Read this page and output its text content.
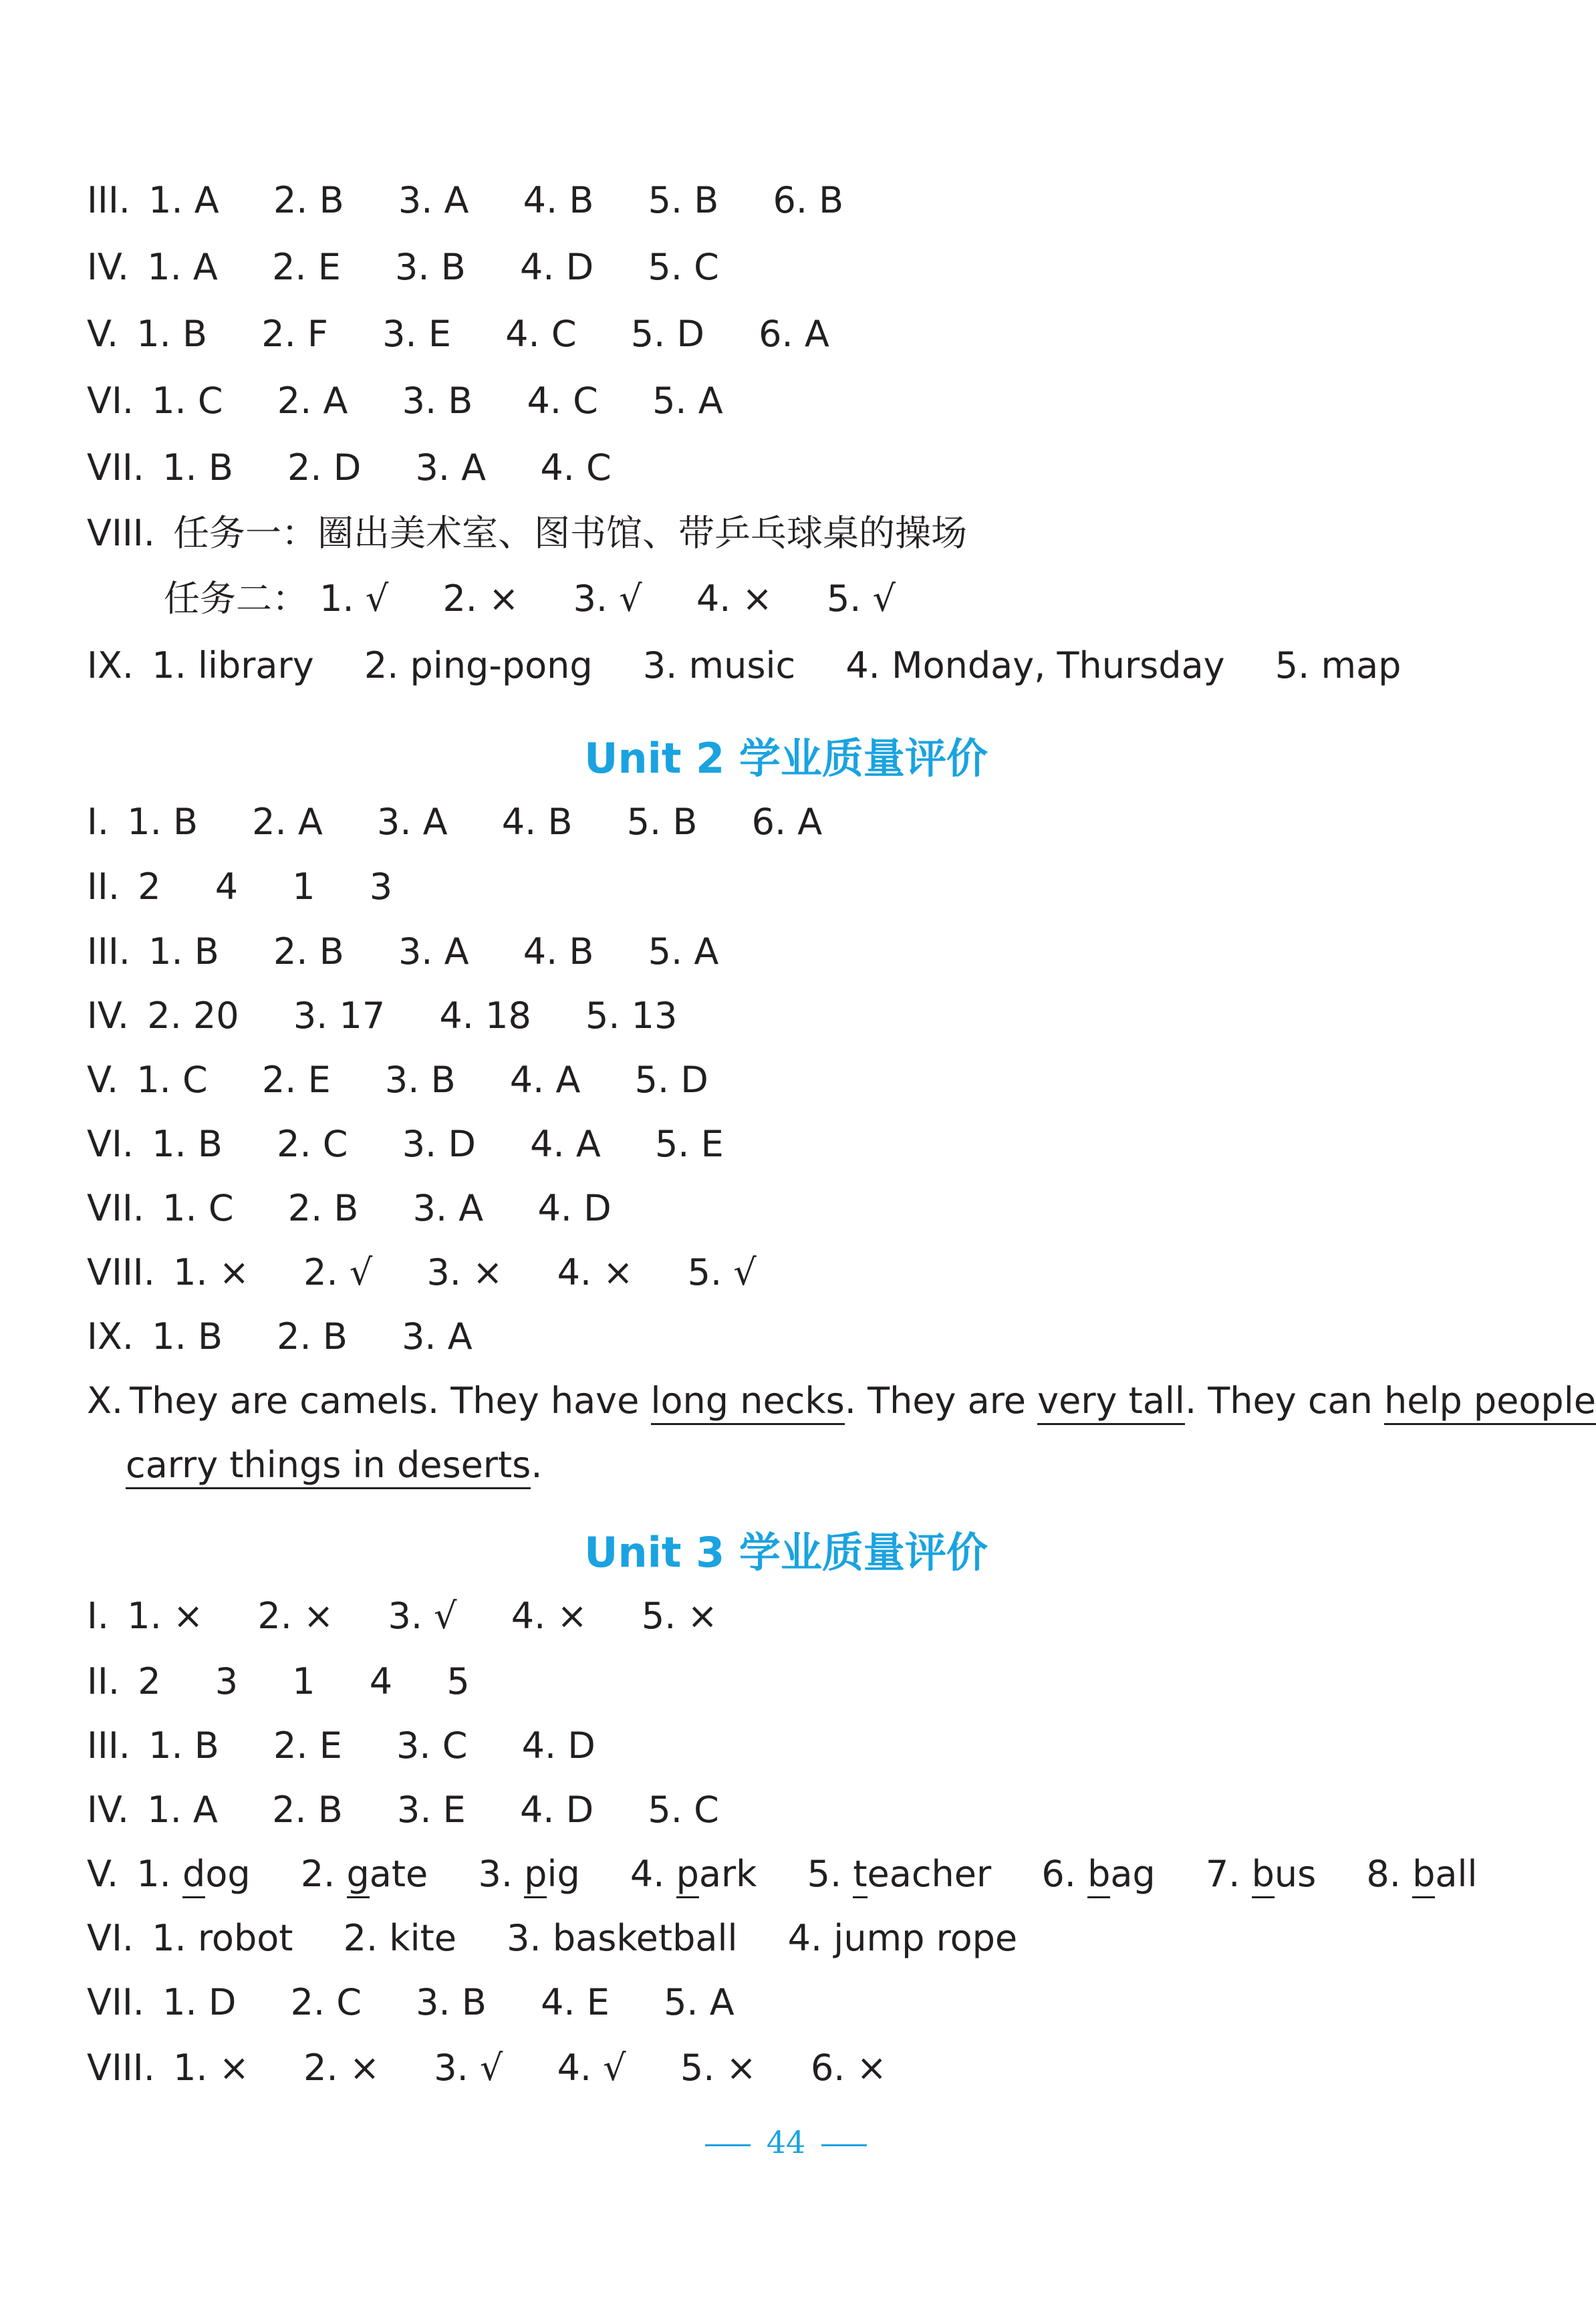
III. 1. A 2. B 3. A 4. B 5. B 6. B
IV. 1. A 2. E 3. B 4. D 5. C
V. 1. B 2. F 3. E 4. C 5. D 6. A
VI. 1. C 2. A 3. B 4. C 5. A
VII. 1. B 2. D 3. A 4. C
VIII. 任务一：圈出美术室、图书馆、带乒乓球桌的操场
任务二： 1. √ 2. × 3. √ 4. × 5. √
IX. 1. library 2. ping-pong 3. music 4. Monday, Thursday 5. map
Unit 2 学业质量评价
I. 1. B 2. A 3. A 4. B 5. B 6. A
II. 2 4 1 3
III. 1. B 2. B 3. A 4. B 5. A
IV. 2. 20 3. 17 4. 18 5. 13
V. 1. C 2. E 3. B 4. A 5. D
VI. 1. B 2. C 3. D 4. A 5. E
VII. 1. C 2. B 3. A 4. D
VIII. 1. × 2. √ 3. × 4. × 5. √
IX. 1. B 2. B 3. A
X. They are camels. They have long necks. They are very tall. They can help people
carry things in deserts.
Unit 3 学业质量评价
I. 1. × 2. × 3. √ 4. × 5. ×
II. 2 3 1 4 5
III. 1. B 2. E 3. C 4. D
IV. 1. A 2. B 3. E 4. D 5. C
V. 1. dog 2. gate 3. pig 4. park 5. teacher 6. bag 7. bus 8. ball
VI. 1. robot 2. kite 3. basketball 4. jump rope
VII. 1. D 2. C 3. B 4. E 5. A
VIII. 1. × 2. × 3. √ 4. √ 5. × 6. ×
44
